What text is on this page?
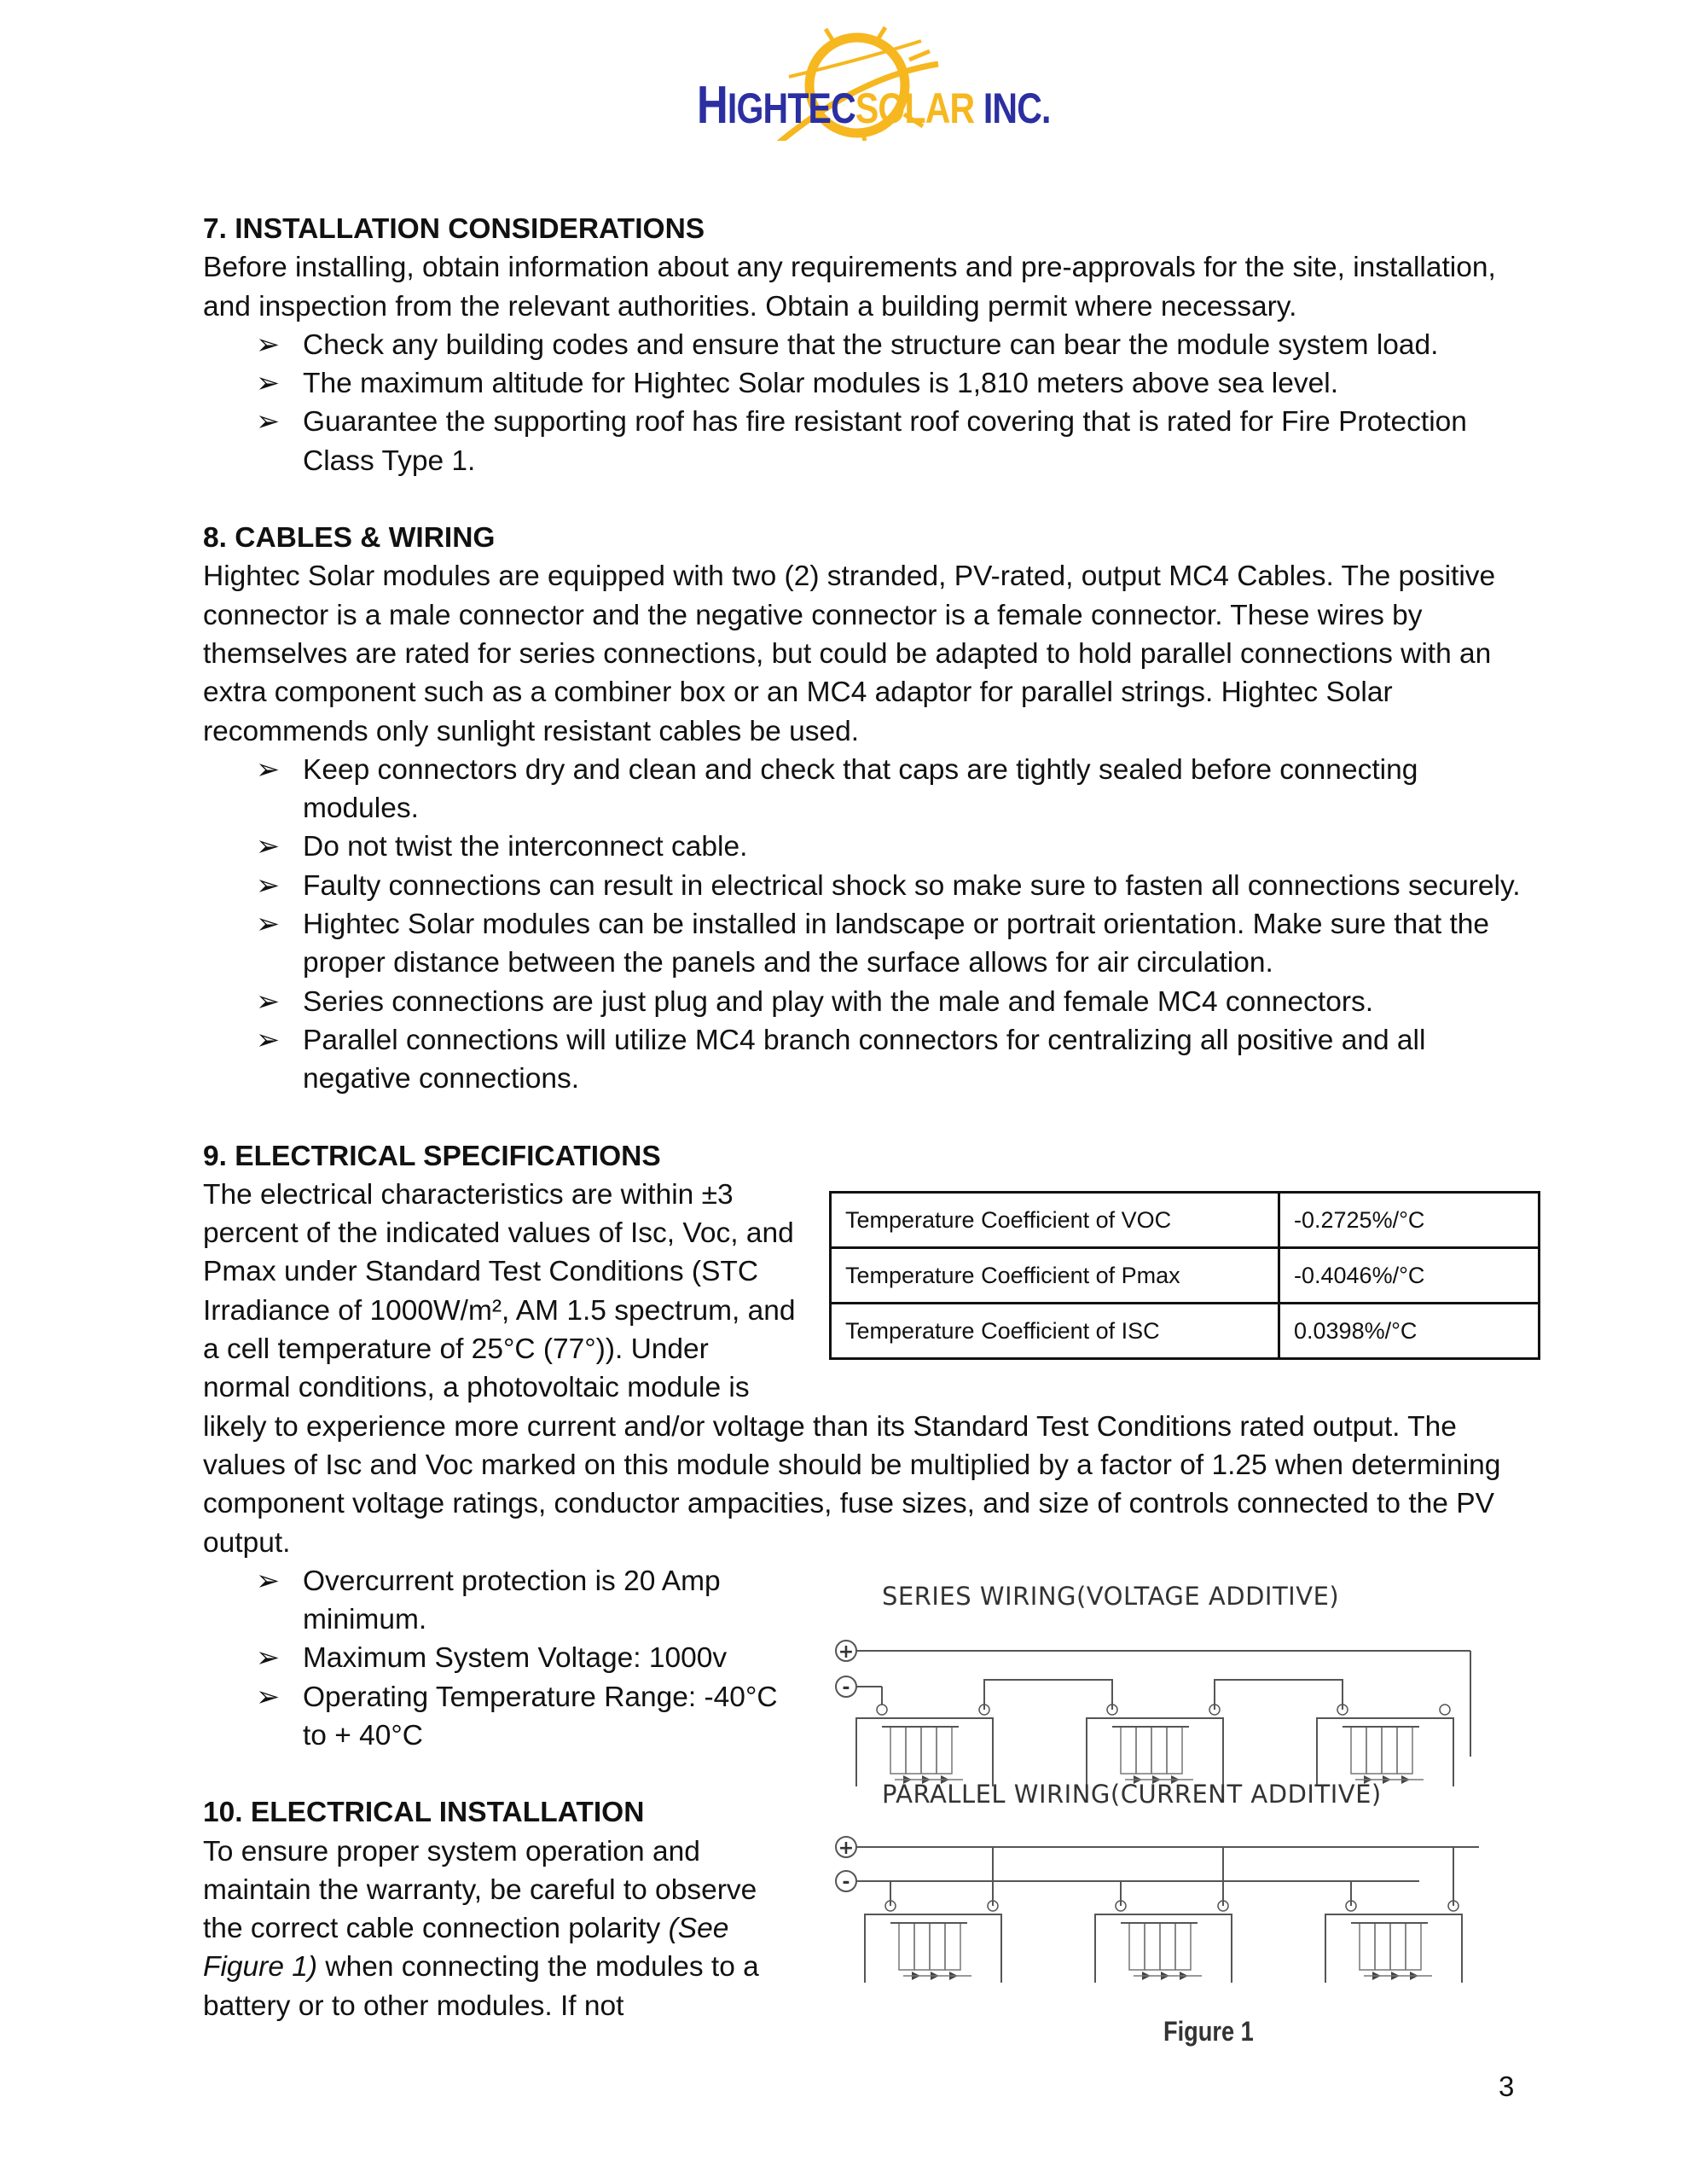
HIGHTECSOLAR INC.
7. INSTALLATION CONSIDERATIONS

Before installing, obtain information about any requirements and pre-approvals for the site, installation, and inspection from the relevant authorities. Obtain a building permit where necessary.

➢ Check any building codes and ensure that the structure can bear the module system load.
➢ The maximum altitude for Hightec Solar modules is 1,810 meters above sea level.
➢ Guarantee the supporting roof has fire resistant roof covering that is rated for Fire Protection Class Type 1.
8. CABLES & WIRING

Hightec Solar modules are equipped with two (2) stranded, PV-rated, output MC4 Cables. The positive connector is a male connector and the negative connector is a female connector. These wires by themselves are rated for series connections, but could be adapted to hold parallel connections with an extra component such as a combiner box or an MC4 adaptor for parallel strings. Hightec Solar recommends only sunlight resistant cables be used.

➢ Keep connectors dry and clean and check that caps are tightly sealed before connecting modules.
➢ Do not twist the interconnect cable.
➢ Faulty connections can result in electrical shock so make sure to fasten all connections securely.
➢ Hightec Solar modules can be installed in landscape or portrait orientation. Make sure that the proper distance between the panels and the surface allows for air circulation.
➢ Series connections are just plug and play with the male and female MC4 connectors.
➢ Parallel connections will utilize MC4 branch connectors for centralizing all positive and all negative connections.
9. ELECTRICAL SPECIFICATIONS
Temperature Coefficient of VOC	-0.2725%/°C
Temperature Coefficient of Pmax	-0.4046%/°C
Temperature Coefficient of ISC	0.0398%/°C

The electrical characteristics are within ±3 percent of the indicated values of Isc, Voc, and Pmax under Standard Test Conditions (STC Irradiance of 1000W/m², AM 1.5 spectrum, and a cell temperature of 25°C (77°)). Under normal conditions, a photovoltaic module is likely to experience more current and/or voltage than its Standard Test Conditions rated output. The values of Isc and Voc marked on this module should be multiplied by a factor of 1.25 when determining component voltage ratings, conductor ampacities, fuse sizes, and size of controls connected to the PV output.

+
-
+
-
SERIES WIRING(VOLTAGE ADDITIVE)
PARALLEL WIRING(CURRENT ADDITIVE)
Figure 1
➢ Overcurrent protection is 20 Amp minimum.
➢ Maximum System Voltage: 1000v
➢ Operating Temperature Range: -40°C to + 40°C
10. ELECTRICAL INSTALLATION

To ensure proper system operation and maintain the warranty, be careful to observe the correct cable connection polarity (See Figure 1) when connecting the modules to a battery or to other modules. If not

3
